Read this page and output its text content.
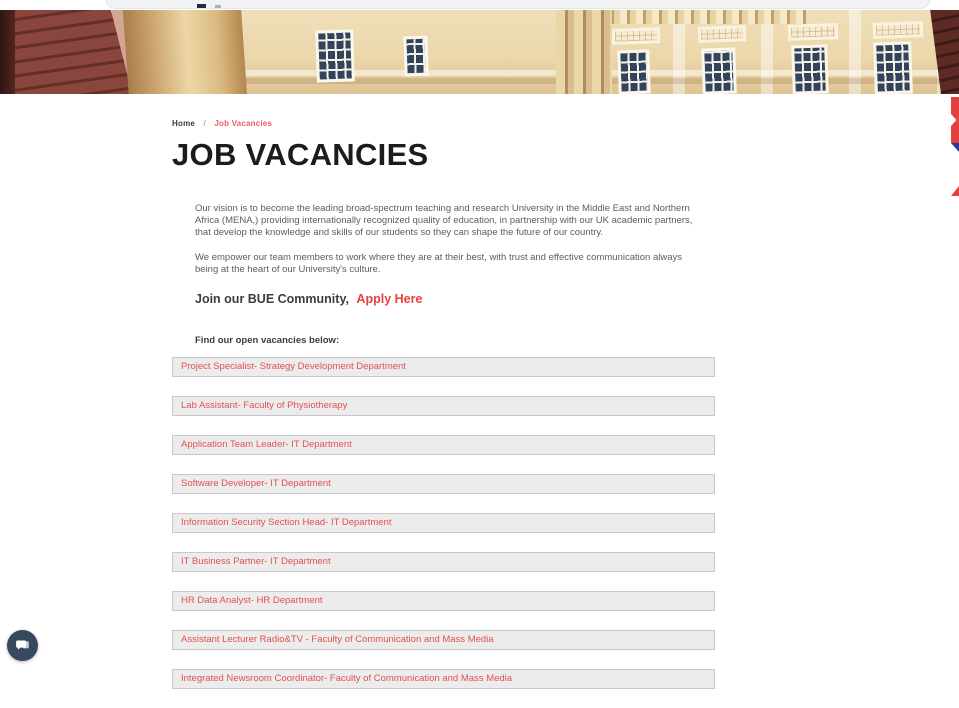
Home / Job Vacancies
JOB VACANCIES

Our vision is to become the leading broad-spectrum teaching and research University in the Middle East and Northern Africa (MENA,) providing internationally recognized quality of education, in partnership with our UK academic partners, that develop the knowledge and skills of our students so they can shape the future of our country.

We empower our team members to work where they are at their best, with trust and effective communication always being at the heart of our University's culture.

Join our BUE Community, Apply Here
Find our open vacancies below:
Project Specialist- Strategy Development Department
Lab Assistant- Faculty of Physiotherapy
Application Team Leader- IT Department
Software Developer- IT Department
Information Security Section Head- IT Department
IT Business Partner- IT Department
HR Data Analyst- HR Department
Assistant Lecturer Radio&TV - Faculty of Communication and Mass Media
Integrated Newsroom Coordinator- Faculty of Communication and Mass Media
